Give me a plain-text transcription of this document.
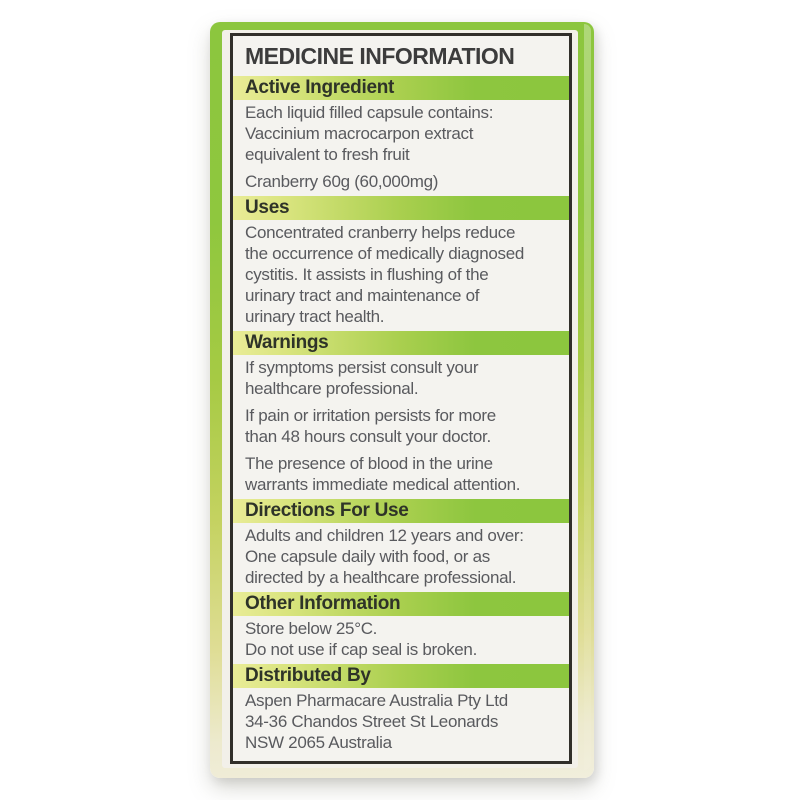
MEDICINE INFORMATION
Active Ingredient
Each liquid filled capsule contains:
Vaccinium macrocarpon extract
equivalent to fresh fruit
Cranberry 60g (60,000mg)
Uses
Concentrated cranberry helps reduce
the occurrence of medically diagnosed
cystitis. It assists in flushing of the
urinary tract and maintenance of
urinary tract health.
Warnings
If symptoms persist consult your
healthcare professional.
If pain or irritation persists for more
than 48 hours consult your doctor.
The presence of blood in the urine
warrants immediate medical attention.
Directions For Use
Adults and children 12 years and over:
One capsule daily with food, or as
directed by a healthcare professional.
Other Information
Store below 25°C.
Do not use if cap seal is broken.
Distributed By
Aspen Pharmacare Australia Pty Ltd
34-36 Chandos Street St Leonards
NSW 2065 Australia
